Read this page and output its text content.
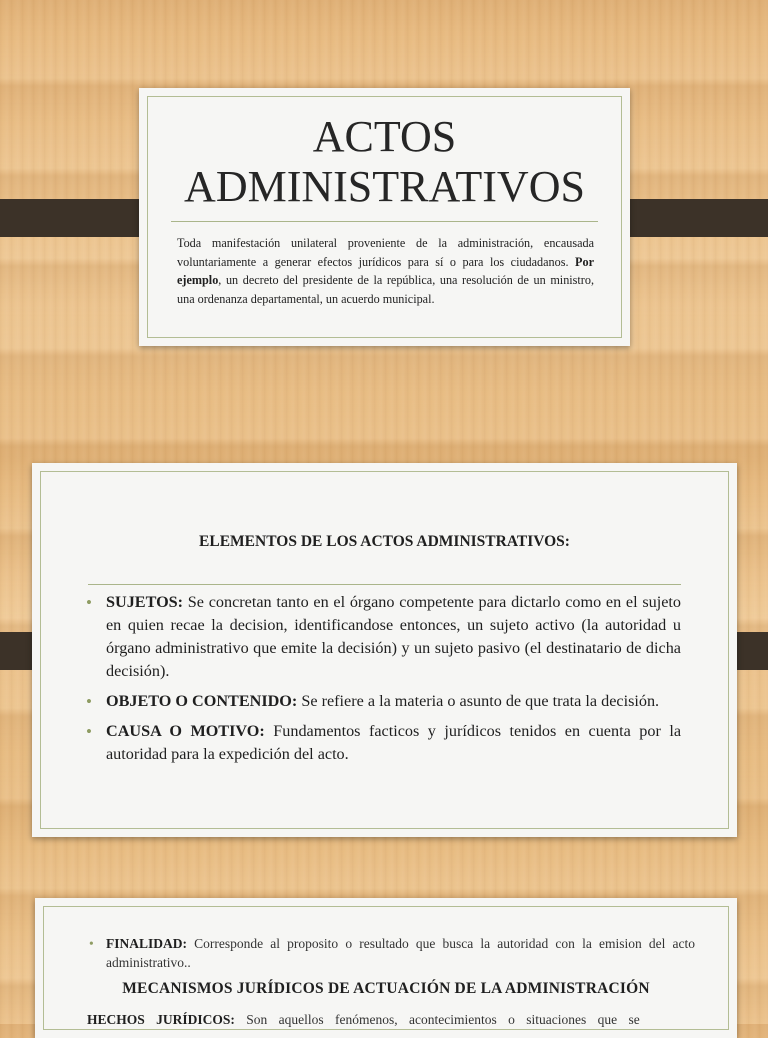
ACTOS
ADMINISTRATIVOS
Toda manifestación unilateral proveniente de la administración, encausada voluntariamente a generar efectos jurídicos para sí o para los ciudadanos. Por ejemplo, un decreto del presidente de la república, una resolución de un ministro, una ordenanza departamental, un acuerdo municipal.
ELEMENTOS DE LOS ACTOS ADMINISTRATIVOS:
• SUJETOS: Se concretan tanto en el órgano competente para dictarlo como en el sujeto en quien recae la decision, identificandose entonces, un sujeto activo (la autoridad u órgano administrativo que emite la decisión) y un sujeto pasivo (el destinatario de dicha decisión).
• OBJETO O CONTENIDO: Se refiere a la materia o asunto de que trata la decisión.
• CAUSA O MOTIVO: Fundamentos facticos y jurídicos tenidos en cuenta por la autoridad para la expedición del acto.
• FINALIDAD: Corresponde al proposito o resultado que busca la autoridad con la emision del acto administrativo..
MECANISMOS JURÍDICOS DE ACTUACIÓN DE LA ADMINISTRACIÓN
HECHOS JURÍDICOS: Son aquellos fenómenos, acontecimientos o situaciones que se
